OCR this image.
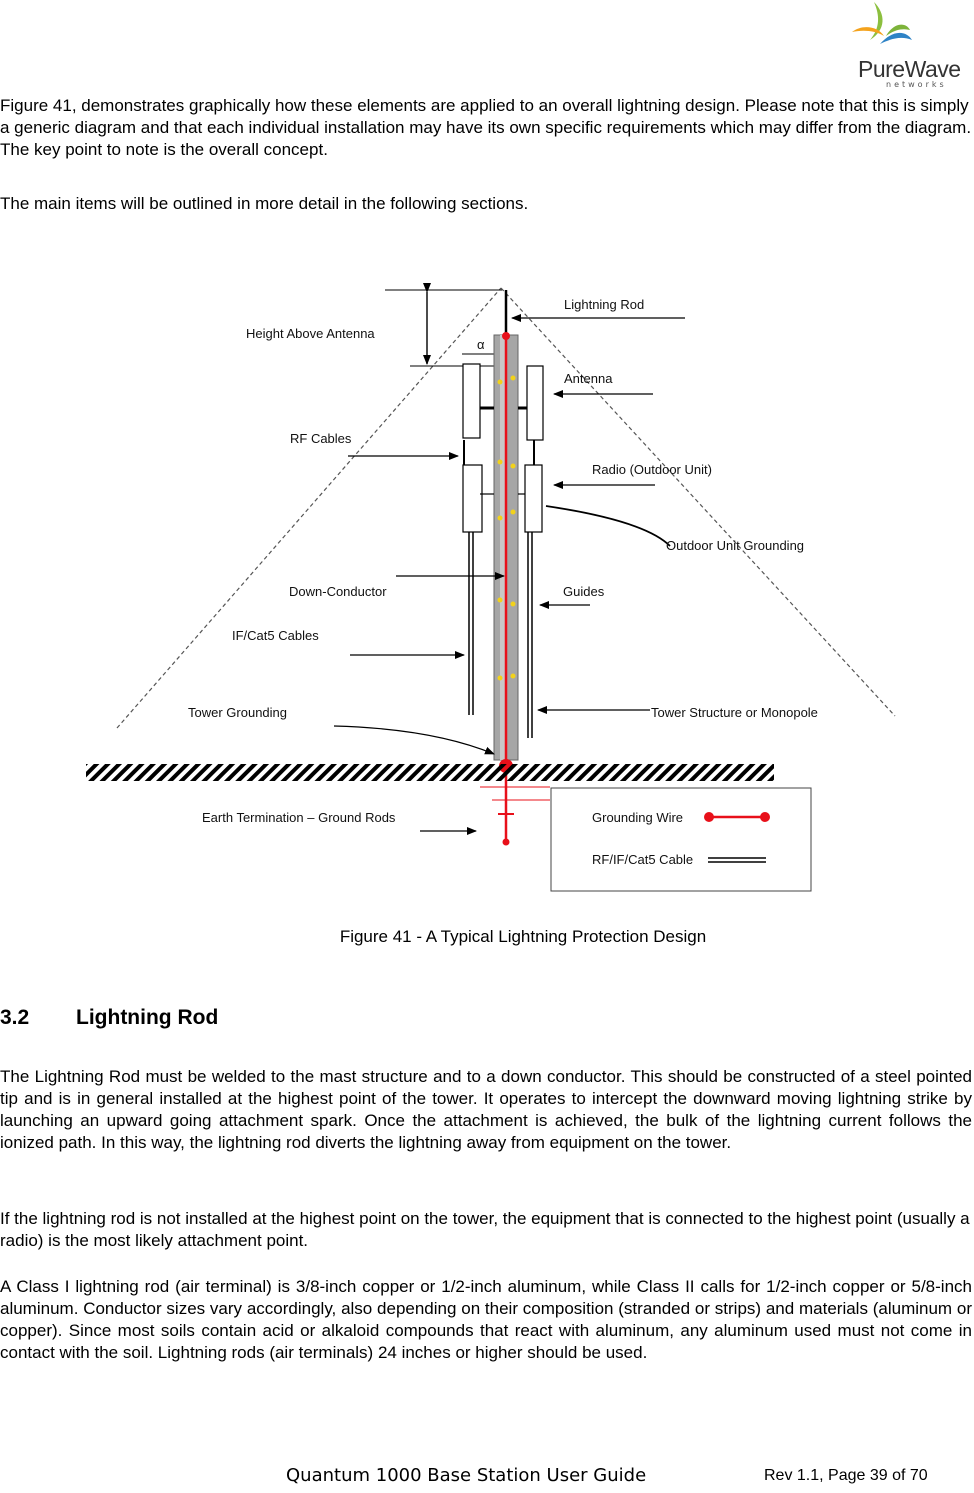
PureWave
networks

Figure 41, demonstrates graphically how these elements are applied to an overall lightning design. Please note that this is simply a generic diagram and that each individual installation may have its own specific requirements which may differ from the diagram. The key point to note is the overall concept.

The main items will be outlined in more detail in the following sections.

Height Above Antenna
α
Lightning Rod
Antenna
Radio (Outdoor Unit)
Outdoor Unit Grounding
Guides
Tower Structure or Monopole
RF Cables
Down-Conductor
IF/Cat5 Cables
Tower Grounding
Earth Termination – Ground Rods	Grounding Wire
RF/IF/Cat5 Cable
Figure 41 - A Typical Lightning Protection Design
3.2 Lightning Rod

The Lightning Rod must be welded to the mast structure and to a down conductor. This should be constructed of a steel pointed tip and is in general installed at the highest point of the tower. It operates to intercept the downward moving lightning strike by launching an upward going attachment spark. Once the attachment is achieved, the bulk of the lightning current follows the ionized path. In this way, the lightning rod diverts the lightning away from equipment on the tower.

If the lightning rod is not installed at the highest point on the tower, the equipment that is connected to the highest point (usually a radio) is the most likely attachment point.

A Class I lightning rod (air terminal) is 3/8-inch copper or 1/2-inch aluminum, while Class II calls for 1/2-inch copper or 5/8-inch aluminum. Conductor sizes vary accordingly, also depending on their composition (stranded or strips) and materials (aluminum or copper). Since most soils contain acid or alkaloid compounds that react with aluminum, any aluminum used must not come in contact with the soil. Lightning rods (air terminals) 24 inches or higher should be used.

Quantum 1000 Base Station User Guide	Rev 1.1, Page 39 of 70
